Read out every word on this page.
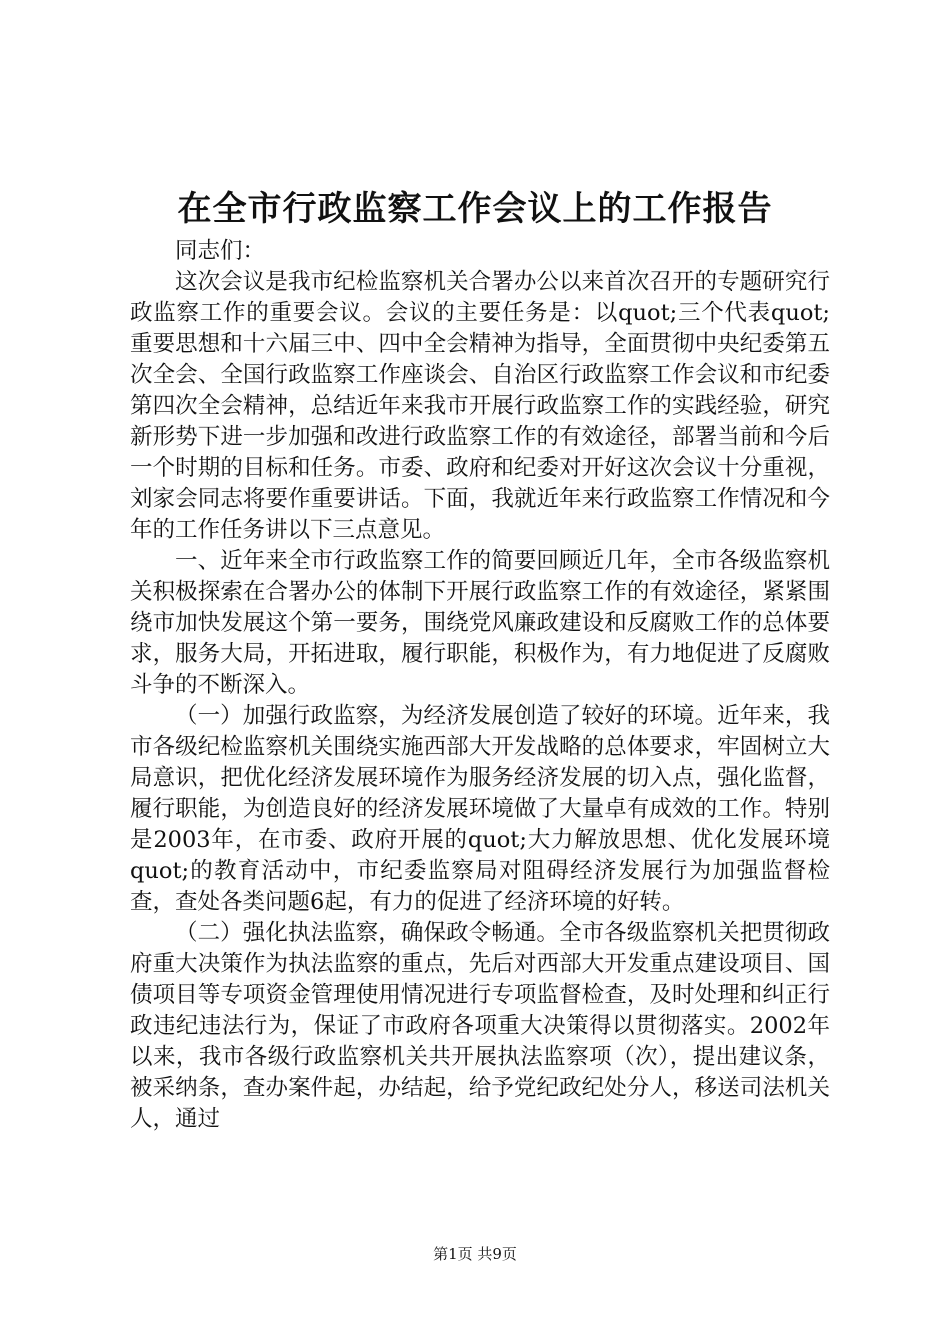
在全市行政监察工作会议上的工作报告

同志们：

这次会议是我市纪检监察机关合署办公以来首次召开的专题研究行政监察工作的重要会议。会议的主要任务是：以quot;三个代表quot;重要思想和十六届三中、四中全会精神为指导，全面贯彻中央纪委第五次全会、全国行政监察工作座谈会、自治区行政监察工作会议和市纪委第四次全会精神，总结近年来我市开展行政监察工作的实践经验，研究新形势下进一步加强和改进行政监察工作的有效途径，部署当前和今后一个时期的目标和任务。市委、政府和纪委对开好这次会议十分重视，刘家会同志将要作重要讲话。下面，我就近年来行政监察工作情况和今年的工作任务讲以下三点意见。

一、近年来全市行政监察工作的简要回顾近几年，全市各级监察机关积极探索在合署办公的体制下开展行政监察工作的有效途径，紧紧围绕市加快发展这个第一要务，围绕党风廉政建设和反腐败工作的总体要求，服务大局，开拓进取，履行职能，积极作为，有力地促进了反腐败斗争的不断深入。

（一）加强行政监察，为经济发展创造了较好的环境。近年来，我市各级纪检监察机关围绕实施西部大开发战略的总体要求，牢固树立大局意识，把优化经济发展环境作为服务经济发展的切入点，强化监督，履行职能，为创造良好的经济发展环境做了大量卓有成效的工作。特别是2003年，在市委、政府开展的quot;大力解放思想、优化发展环境quot;的教育活动中，市纪委监察局对阻碍经济发展行为加强监督检查，查处各类问题6起，有力的促进了经济环境的好转。

（二）强化执法监察，确保政令畅通。全市各级监察机关把贯彻政府重大决策作为执法监察的重点，先后对西部大开发重点建设项目、国债项目等专项资金管理使用情况进行专项监督检查，及时处理和纠正行政违纪违法行为，保证了市政府各项重大决策得以贯彻落实。2002年以来，我市各级行政监察机关共开展执法监察项（次），提出建议条，被采纳条，查办案件起，办结起，给予党纪政纪处分人，移送司法机关人，通过

第1页 共9页
